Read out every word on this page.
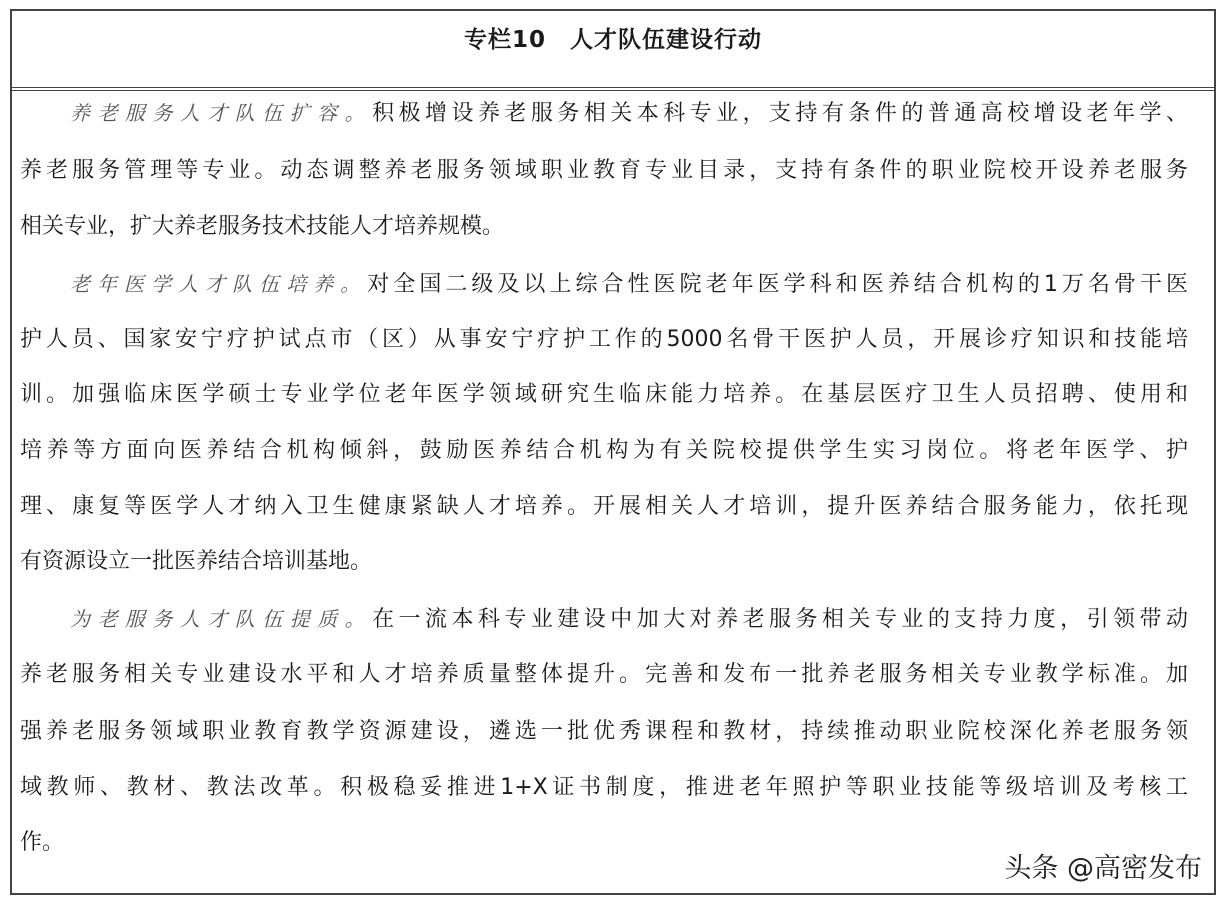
专栏10　人才队伍建设行动
养老服务人才队伍扩容。积极增设养老服务相关本科专业，支持有条件的普通高校增设老年学、
养老服务管理等专业。动态调整养老服务领域职业教育专业目录，支持有条件的职业院校开设养老服务
相关专业，扩大养老服务技术技能人才培养规模。
老年医学人才队伍培养。对全国二级及以上综合性医院老年医学科和医养结合机构的1万名骨干医
护人员、国家安宁疗护试点市（区）从事安宁疗护工作的5000名骨干医护人员，开展诊疗知识和技能培
训。加强临床医学硕士专业学位老年医学领域研究生临床能力培养。在基层医疗卫生人员招聘、使用和
培养等方面向医养结合机构倾斜，鼓励医养结合机构为有关院校提供学生实习岗位。将老年医学、护
理、康复等医学人才纳入卫生健康紧缺人才培养。开展相关人才培训，提升医养结合服务能力，依托现
有资源设立一批医养结合培训基地。
为老服务人才队伍提质。在一流本科专业建设中加大对养老服务相关专业的支持力度，引领带动
养老服务相关专业建设水平和人才培养质量整体提升。完善和发布一批养老服务相关专业教学标准。加
强养老服务领域职业教育教学资源建设，遴选一批优秀课程和教材，持续推动职业院校深化养老服务领
域教师、教材、教法改革。积极稳妥推进1+X证书制度，推进老年照护等职业技能等级培训及考核工
作。
头条 @高密发布
